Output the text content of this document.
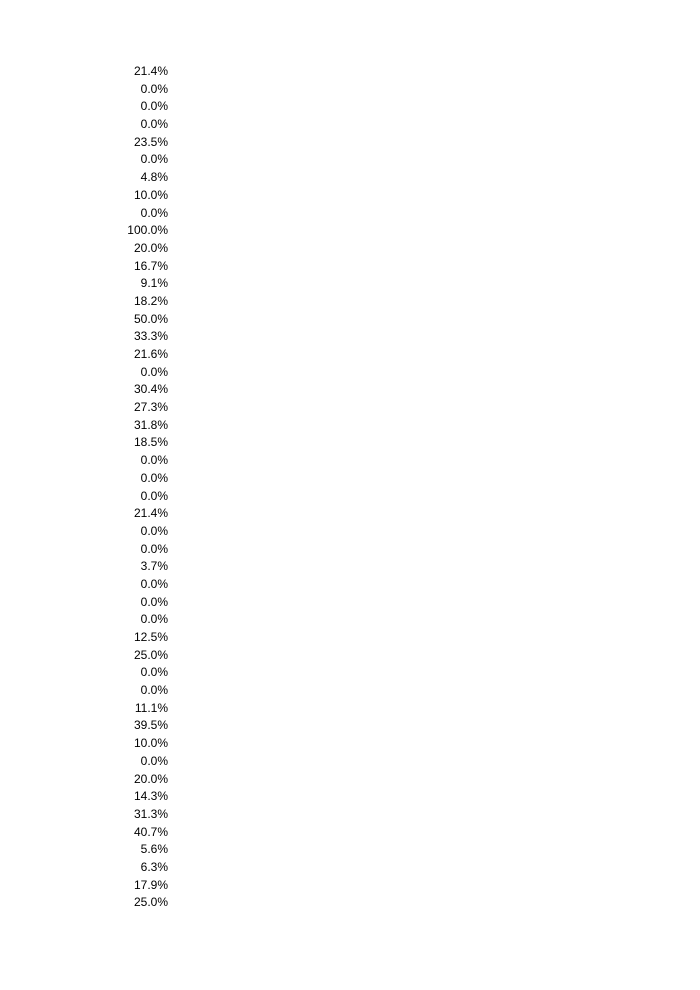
21.4%
0.0%
0.0%
0.0%
23.5%
0.0%
4.8%
10.0%
0.0%
100.0%
20.0%
16.7%
9.1%
18.2%
50.0%
33.3%
21.6%
0.0%
30.4%
27.3%
31.8%
18.5%
0.0%
0.0%
0.0%
21.4%
0.0%
0.0%
3.7%
0.0%
0.0%
0.0%
12.5%
25.0%
0.0%
0.0%
11.1%
39.5%
10.0%
0.0%
20.0%
14.3%
31.3%
40.7%
5.6%
6.3%
17.9%
25.0%
